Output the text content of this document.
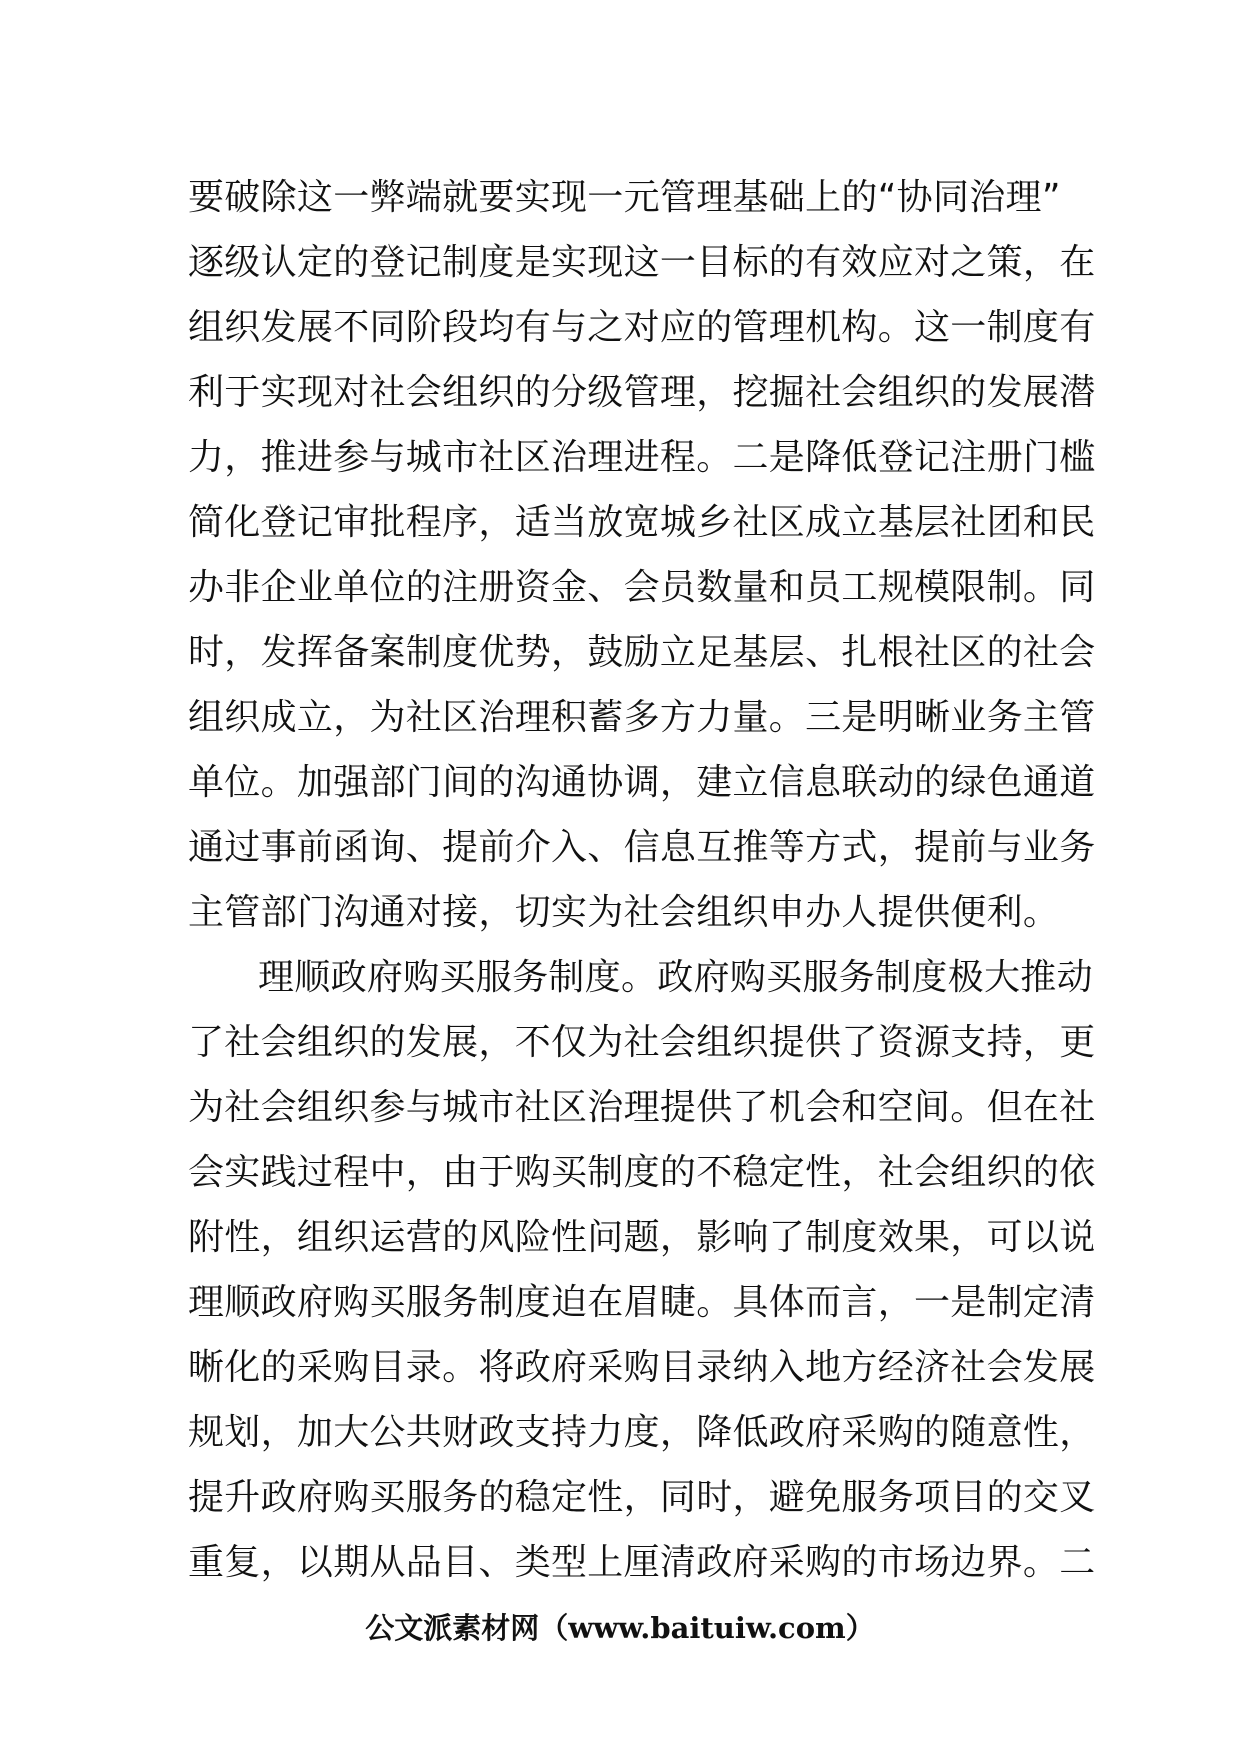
要破除这一弊端就要实现一元管理基础上的“协同治理”
逐级认定的登记制度是实现这一目标的有效应对之策，在
组织发展不同阶段均有与之对应的管理机构。这一制度有
利于实现对社会组织的分级管理，挖掘社会组织的发展潜
力，推进参与城市社区治理进程。二是降低登记注册门槛
简化登记审批程序，适当放宽城乡社区成立基层社团和民
办非企业单位的注册资金、会员数量和员工规模限制。同
时，发挥备案制度优势，鼓励立足基层、扎根社区的社会
组织成立，为社区治理积蓄多方力量。三是明晰业务主管
单位。加强部门间的沟通协调，建立信息联动的绿色通道
通过事前函询、提前介入、信息互推等方式，提前与业务
主管部门沟通对接，切实为社会组织申办人提供便利。
理顺政府购买服务制度。政府购买服务制度极大推动
了社会组织的发展，不仅为社会组织提供了资源支持，更
为社会组织参与城市社区治理提供了机会和空间。但在社
会实践过程中，由于购买制度的不稳定性，社会组织的依
附性，组织运营的风险性问题，影响了制度效果，可以说
理顺政府购买服务制度迫在眉睫。具体而言，一是制定清
晰化的采购目录。将政府采购目录纳入地方经济社会发展
规划，加大公共财政支持力度，降低政府采购的随意性，
提升政府购买服务的稳定性，同时，避免服务项目的交叉
重复，以期从品目、类型上厘清政府采购的市场边界。二
公文派素材网（www.baituiw.com）
